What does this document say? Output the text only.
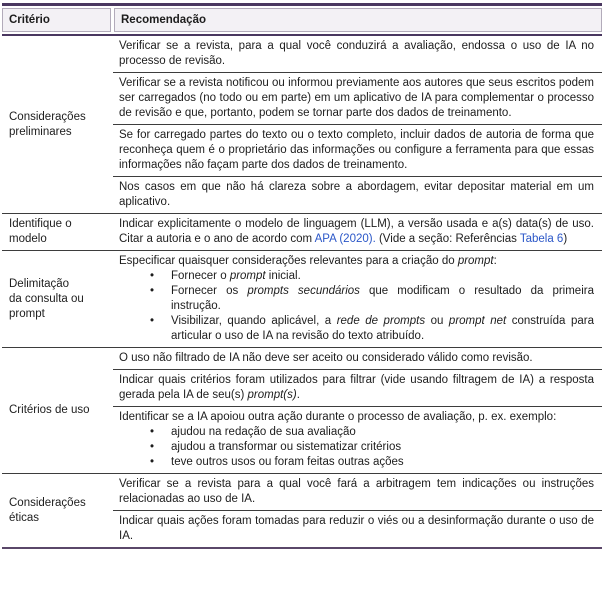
Critério	Recomendação
Considerações
preliminares
Verificar se a revista, para a qual você conduzirá a avaliação, endossa o uso de IA no processo de revisão.
Verificar se a revista notificou ou informou previamente aos autores que seus escritos podem ser carregados (no todo ou em parte) em um aplicativo de IA para complementar o processo de revisão e que, portanto, podem se tornar parte dos dados de treinamento.
Se for carregado partes do texto ou o texto completo, incluir dados de autoria de forma que reconheça quem é o proprietário das informações ou configure a ferramenta para que essas informações não façam parte dos dados de treinamento.
Nos casos em que não há clareza sobre a abordagem, evitar depositar material em um aplicativo.
Identifique o
modelo
Indicar explicitamente o modelo de linguagem (LLM), a versão usada e a(s) data(s) de uso. Citar a autoria e o ano de acordo com APA (2020). (Vide a seção: Referências Tabela 6)
Delimitação
da consulta ou
prompt
Especificar quaisquer considerações relevantes para a criação do prompt:
• Fornecer o prompt inicial.
• Fornecer os prompts secundários que modificam o resultado da primeira instrução.
• Visibilizar, quando aplicável, a rede de prompts ou prompt net construída para articular o uso de IA na revisão do texto atribuído.
Critérios de uso
O uso não filtrado de IA não deve ser aceito ou considerado válido como revisão.
Indicar quais critérios foram utilizados para filtrar (vide usando filtragem de IA) a resposta gerada pela IA de seu(s) prompt(s).
Identificar se a IA apoiou outra ação durante o processo de avaliação, p. ex. exemplo:
• ajudou na redação de sua avaliação
• ajudou a transformar ou sistematizar critérios
• teve outros usos ou foram feitas outras ações
Considerações
éticas
Verificar se a revista para a qual você fará a arbitragem tem indicações ou instruções relacionadas ao uso de IA.
Indicar quais ações foram tomadas para reduzir o viés ou a desinformação durante o uso de IA.
